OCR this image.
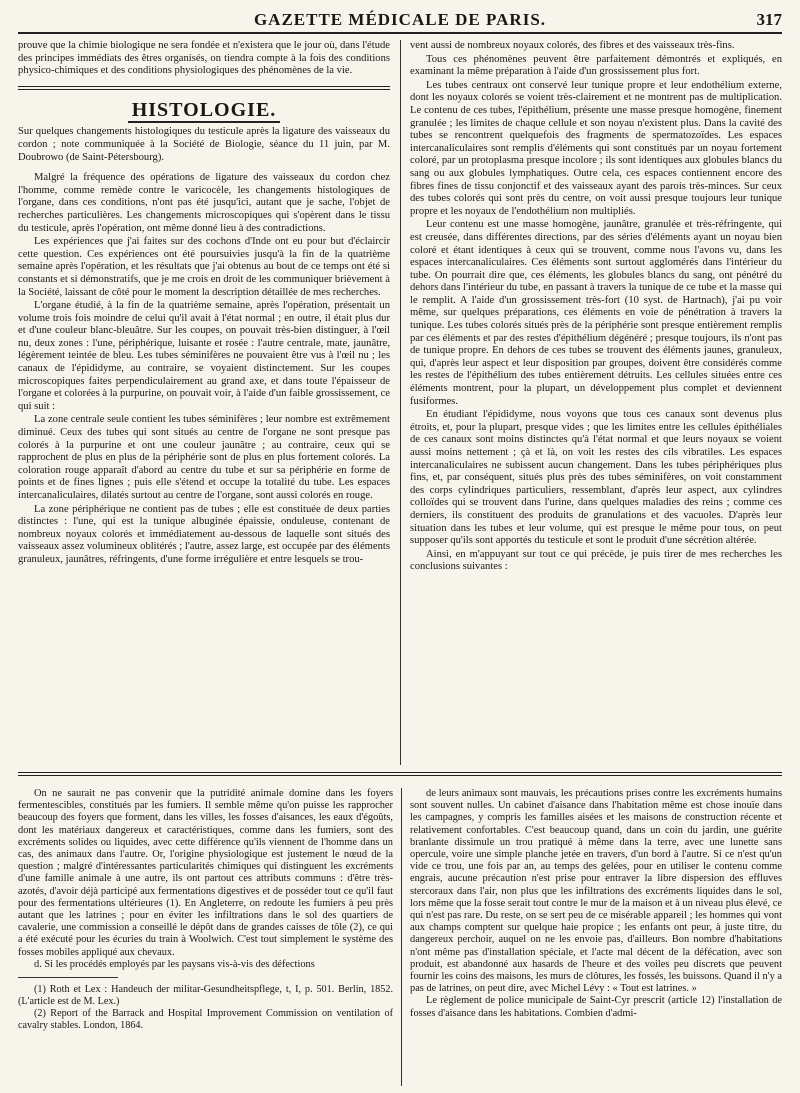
GAZETTE MÉDICALE DE PARIS.	317

prouve que la chimie biologique ne sera fondée et n'existera que le jour où, dans l'étude des principes immédiats des êtres organisés, on tiendra compte à la fois des conditions physico-chimiques et des conditions physiologiques des phénomènes de la vie.

HISTOLOGIE.

Sur quelques changements histologiques du testicule après la ligature des vaisseaux du cordon ; note communiquée à la Société de Biologie, séance du 11 juin, par M. Doubrowo (de Saint-Pétersbourg).

Malgré la fréquence des opérations de ligature des vaisseaux du cordon chez l'homme, comme remède contre le varicocèle, les changements histologiques de l'organe, dans ces conditions, n'ont pas été jusqu'ici, autant que je sache, l'objet de recherches particulières. Les changements microscopiques qui s'opèrent dans le tissu du testicule, après l'opération, ont même donné lieu à des contradictions.

Les expériences que j'ai faites sur des cochons d'Inde ont eu pour but d'éclaircir cette question. Ces expériences ont été poursuivies jusqu'à la fin de la quatrième semaine après l'opération, et les résultats que j'ai obtenus au bout de ce temps ont été si constants et si démonstratifs, que je me crois en droit de les communiquer brièvement à la Société, laissant de côté pour le moment la description détaillée de mes recherches.

L'organe étudié, à la fin de la quatrième semaine, après l'opération, présentait un volume trois fois moindre de celui qu'il avait à l'état normal ; en outre, il était plus dur et d'une couleur blanc-bleuâtre. Sur les coupes, on pouvait très-bien distinguer, à l'œil nu, deux zones : l'une, périphérique, luisante et rosée : l'autre centrale, mate, jaunâtre, légèrement teintée de bleu. Les tubes séminifères ne pouvaient être vus à l'œil nu ; les canaux de l'épididyme, au contraire, se voyaient distinctement. Sur les coupes microscopiques faites perpendiculairement au grand axe, et dans toute l'épaisseur de l'organe et colorées à la purpurine, on pouvait voir, à l'aide d'un faible grossissement, ce qui suit :

La zone centrale seule contient les tubes séminifères ; leur nombre est extrêmement diminué. Ceux des tubes qui sont situés au centre de l'organe ne sont presque pas colorés à la purpurine et ont une couleur jaunâtre ; au contraire, ceux qui se rapprochent de plus en plus de la périphérie sont de plus en plus fortement colorés. La coloration rouge apparaît d'abord au centre du tube et sur sa périphérie en forme de points et de fines lignes ; puis elle s'étend et occupe la totalité du tube. Les espaces intercanaliculaires, dilatés surtout au centre de l'organe, sont aussi colorés en rouge.

La zone périphérique ne contient pas de tubes ; elle est constituée de deux parties distinctes : l'une, qui est la tunique albuginée épaissie, onduleuse, contenant de nombreux noyaux colorés et immédiatement au-dessous de laquelle sont situés des vaisseaux assez volumineux oblitérés ; l'autre, assez large, est occupée par des éléments granuleux, jaunâtres, réfringents, d'une forme irrégulière et entre lesquels se trou-

vent aussi de nombreux noyaux colorés, des fibres et des vaisseaux très-fins.

Tous ces phénomènes peuvent être parfaitement démontrés et expliqués, en examinant la même préparation à l'aide d'un grossissement plus fort.

Les tubes centraux ont conservé leur tunique propre et leur endothélium externe, dont les noyaux colorés se voient très-clairement et ne montrent pas de multiplication. Le contenu de ces tubes, l'épithélium, présente une masse presque homogène, finement granulée ; les limites de chaque cellule et son noyau n'existent plus. Dans la cavité des tubes se rencontrent quelquefois des fragments de spermatozoïdes. Les espaces intercanaliculaires sont remplis d'éléments qui sont constitués par un noyau fortement coloré, par un protoplasma presque incolore ; ils sont identiques aux globules blancs du sang ou aux globules lymphatiques. Outre cela, ces espaces contiennent encore des fibres fines de tissu conjonctif et des vaisseaux ayant des parois très-minces. Sur ceux des tubes colorés qui sont près du centre, on voit aussi presque toujours leur tunique propre et les noyaux de l'endothélium non multipliés.

Leur contenu est une masse homogène, jaunâtre, granulée et très-réfringente, qui est creusée, dans différentes directions, par des séries d'éléments ayant un noyau bien coloré et étant identiques à ceux qui se trouvent, comme nous l'avons vu, dans les espaces intercanaliculaires. Ces éléments sont surtout agglomérés dans l'intérieur du tube. On pourrait dire que, ces éléments, les globules blancs du sang, ont pénétré du dehors dans l'intérieur du tube, en passant à travers la tunique de ce tube et la masse qui le remplit. A l'aide d'un grossissement très-fort (10 syst. de Hartnach), j'ai pu voir même, sur quelques préparations, ces éléments en voie de pénétration à travers la tunique. Les tubes colorés situés près de la périphérie sont presque entièrement remplis par ces éléments et par des restes d'épithélium dégénéré ; presque toujours, ils n'ont pas de tunique propre. En dehors de ces tubes se trouvent des éléments jaunes, granuleux, qui, d'après leur aspect et leur disposition par groupes, doivent être considérés comme les restes de l'épithélium des tubes entièrement détruits. Les cellules situées entre ces éléments montrent, pour la plupart, un développement plus complet et deviennent fusiformes.

En étudiant l'épididyme, nous voyons que tous ces canaux sont devenus plus étroits, et, pour la plupart, presque vides ; que les limites entre les cellules épithéliales de ces canaux sont moins distinctes qu'à l'état normal et que leurs noyaux se voient aussi moins nettement ; çà et là, on voit les restes des cils vibratiles. Les espaces intercanaliculaires ne subissent aucun changement. Dans les tubes périphériques plus fins, et, par conséquent, situés plus près des tubes séminifères, on voit constamment des corps cylindriques particuliers, ressemblant, d'après leur aspect, aux cylindres colloïdes qui se trouvent dans l'urine, dans quelques maladies des reins ; comme ces derniers, ils constituent des produits de granulations et des vacuoles. D'après leur situation dans les tubes et leur volume, qui est presque le même pour tous, on peut supposer qu'ils sont apportés du testicule et sont le produit d'une sécrétion altérée.

Ainsi, en m'appuyant sur tout ce qui précède, je puis tirer de mes recherches les conclusions suivantes :

On ne saurait ne pas convenir que la putridité animale domine dans les foyers fermentescibles, constitués par les fumiers. Il semble même qu'on puisse les rapprocher beaucoup des foyers que forment, dans les villes, les fosses d'aisances, les eaux d'égoûts, dont les matériaux dangereux et caractéristiques, comme dans les fumiers, sont des excréments solides ou liquides, avec cette différence qu'ils viennent de l'homme dans un cas, des animaux dans l'autre. Or, l'origine physiologique est justement le nœud de la question ; malgré d'intéressantes particularités chimiques qui distinguent les excréments d'une famille animale à une autre, ils ont partout ces attributs communs : d'être très-azotés, d'avoir déjà participé aux fermentations digestives et de posséder tout ce qu'il faut pour des fermentations ultérieures (1). En Angleterre, on redoute les fumiers à peu près autant que les latrines ; pour en éviter les infiltrations dans le sol des quartiers de cavalerie, une commission a conseillé le dépôt dans de grandes caisses de tôle (2), ce qui a été exécuté pour les écuries du train à Woolwich. C'est tout simplement le système des fosses mobiles appliqué aux chevaux.

d. Si les procédés employés par les paysans vis-à-vis des défections

(1) Roth et Lex : Handeuch der militar-Gesundheitspflege, t, I, p. 501. Berlin, 1852. (L'article est de M. Lex.)

(2) Report of the Barrack and Hospital Improvement Commission on ventilation of cavalry stables. London, 1864.

de leurs animaux sont mauvais, les précautions prises contre les excréments humains sont souvent nulles. Un cabinet d'aisance dans l'habitation même est chose inouïe dans les campagnes, y compris les familles aisées et les maisons de construction récente et relativement confortables. C'est beaucoup quand, dans un coin du jardin, une guérite branlante dissimule un trou pratiqué à même dans la terre, avec une lunette sans opercule, voire une simple planche jetée en travers, d'un bord à l'autre. Si ce n'est qu'un vide ce trou, une fois par an, au temps des gelées, pour en utiliser le contenu comme engrais, aucune précaution n'est prise pour entraver la libre dispersion des effluves stercoraux dans l'air, non plus que les infiltrations des excréments liquides dans le sol, lors même que la fosse serait tout contre le mur de la maison et à un niveau plus élevé, ce qui n'est pas rare. Du reste, on se sert peu de ce misérable appareil ; les hommes qui vont aux champs comptent sur quelque haie propice ; les enfants ont peur, à juste titre, du dangereux perchoir, auquel on ne les envoie pas, d'ailleurs. Bon nombre d'habitations n'ont même pas d'installation spéciale, et l'acte mal décent de la défécation, avec son produit, est abandonné aux hasards de l'heure et des voiles peu discrets que peuvent fournir les coins des maisons, les murs de clôtures, les fossés, les buissons. Quand il n'y a pas de latrines, on peut dire, avec Michel Lévy : « Tout est latrines. »

Le règlement de police municipale de Saint-Cyr prescrit (article 12) l'installation de fosses d'aisance dans les habitations. Combien d'admi-
